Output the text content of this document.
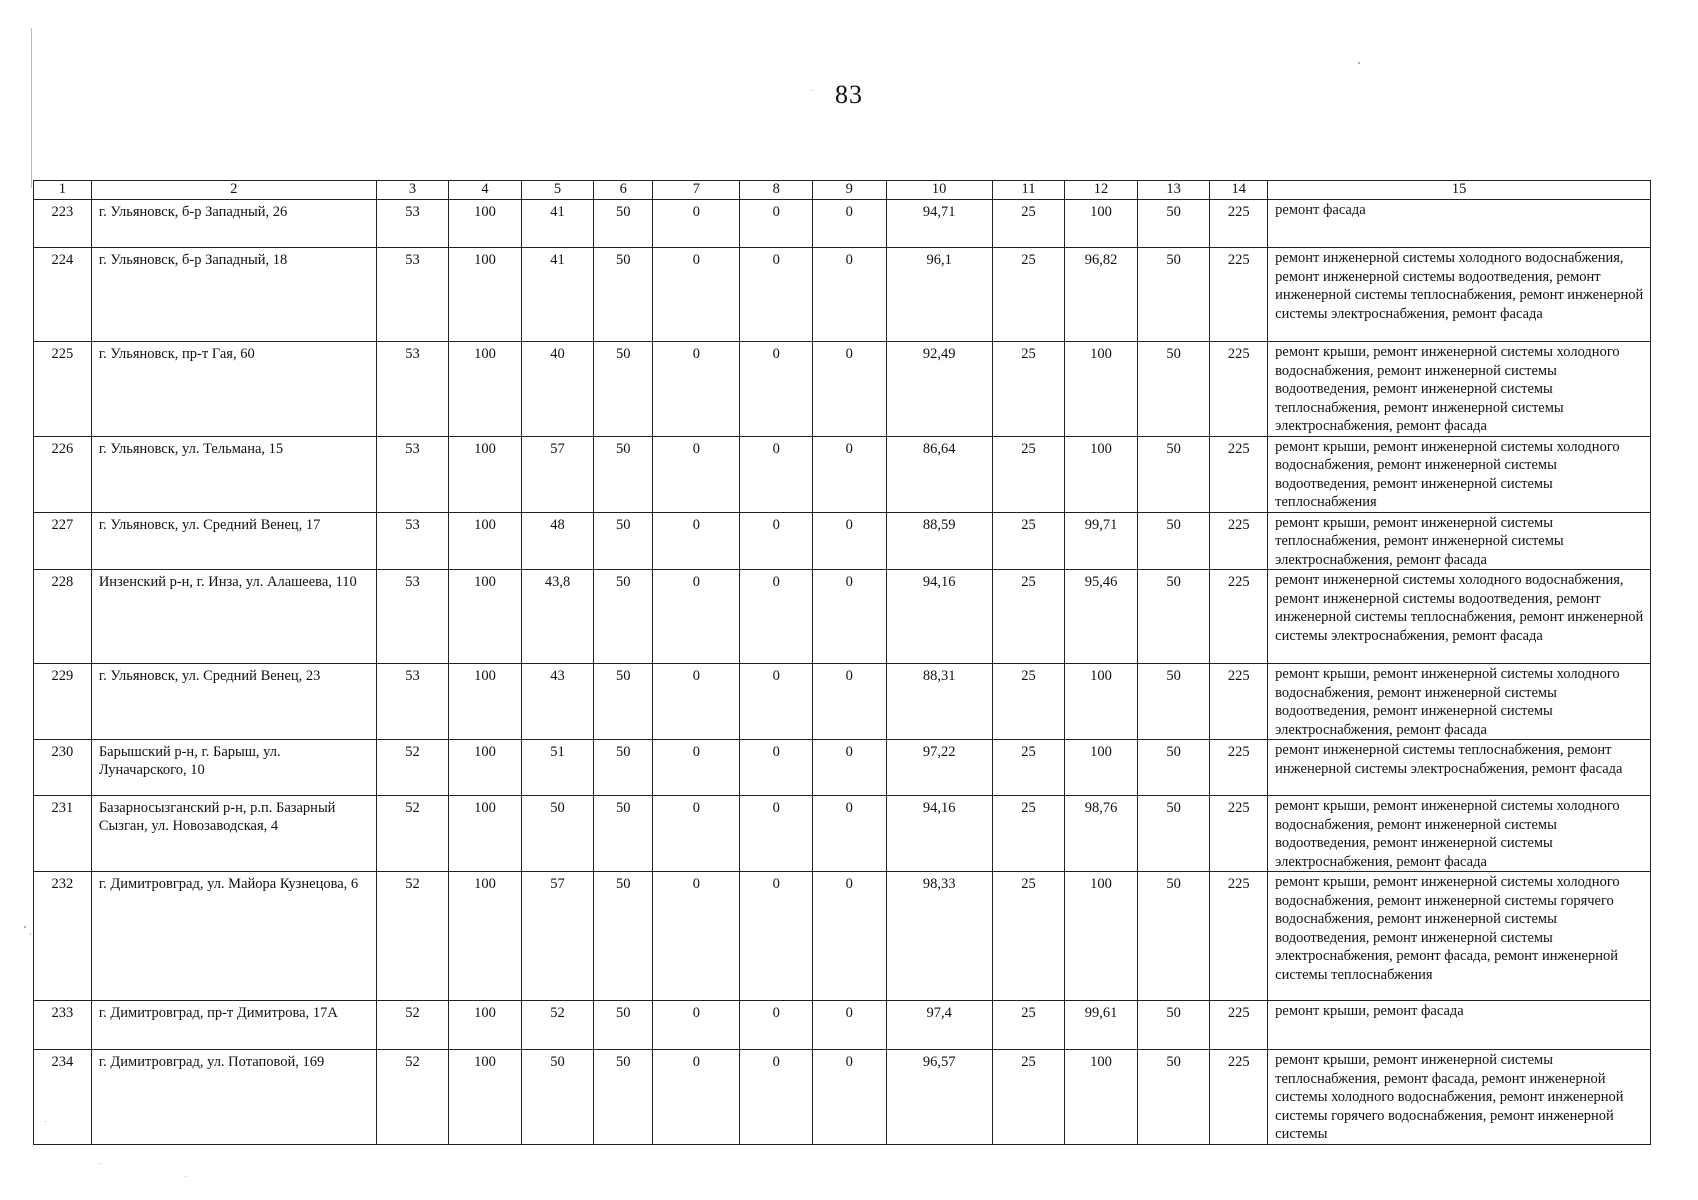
83
1	2	3	4	5	6	7	8	9	10	11	12	13	14	15
223	г. Ульяновск, б-р Западный, 26	53	100	41	50	0	0	0	94,71	25	100	50	225	ремонт фасада
224	г. Ульяновск, б-р Западный, 18	53	100	41	50	0	0	0	96,1	25	96,82	50	225	ремонт инженерной системы холодного водоснабжения, ремонт инженерной системы водоотведения, ремонт инженерной системы теплоснабжения, ремонт инженерной системы электроснабжения, ремонт фасада
225	г. Ульяновск, пр-т Гая, 60	53	100	40	50	0	0	0	92,49	25	100	50	225	ремонт крыши, ремонт инженерной системы холодного водоснабжения, ремонт инженерной системы водоотведения, ремонт инженерной системы теплоснабжения, ремонт инженерной системы электроснабжения, ремонт фасада
226	г. Ульяновск, ул. Тельмана, 15	53	100	57	50	0	0	0	86,64	25	100	50	225	ремонт крыши, ремонт инженерной системы холодного водоснабжения, ремонт инженерной системы водоотведения, ремонт инженерной системы теплоснабжения
227	г. Ульяновск, ул. Средний Венец, 17	53	100	48	50	0	0	0	88,59	25	99,71	50	225	ремонт крыши, ремонт инженерной системы теплоснабжения, ремонт инженерной системы электроснабжения, ремонт фасада
228	Инзенский р-н, г. Инза, ул. Алашеева, 110	53	100	43,8	50	0	0	0	94,16	25	95,46	50	225	ремонт инженерной системы холодного водоснабжения, ремонт инженерной системы водоотведения, ремонт инженерной системы теплоснабжения, ремонт инженерной системы электроснабжения, ремонт фасада
229	г. Ульяновск, ул. Средний Венец, 23	53	100	43	50	0	0	0	88,31	25	100	50	225	ремонт крыши, ремонт инженерной системы холодного водоснабжения, ремонт инженерной системы водоотведения, ремонт инженерной системы электроснабжения, ремонт фасада
230	Барышский р-н, г. Барыш, ул. Луначарского, 10	52	100	51	50	0	0	0	97,22	25	100	50	225	ремонт инженерной системы теплоснабжения, ремонт инженерной системы электроснабжения, ремонт фасада
231	Базарносызганский р-н, р.п. Базарный Сызган, ул. Новозаводская, 4	52	100	50	50	0	0	0	94,16	25	98,76	50	225	ремонт крыши, ремонт инженерной системы холодного водоснабжения, ремонт инженерной системы водоотведения, ремонт инженерной системы электроснабжения, ремонт фасада
232	г. Димитровград, ул. Майора Кузнецова, 6	52	100	57	50	0	0	0	98,33	25	100	50	225	ремонт крыши, ремонт инженерной системы холодного водоснабжения, ремонт инженерной системы горячего водоснабжения, ремонт инженерной системы водоотведения, ремонт инженерной системы электроснабжения, ремонт фасада, ремонт инженерной системы теплоснабжения
233	г. Димитровград, пр-т Димитрова, 17А	52	100	52	50	0	0	0	97,4	25	99,61	50	225	ремонт крыши, ремонт фасада
234	г. Димитровград, ул. Потаповой, 169	52	100	50	50	0	0	0	96,57	25	100	50	225	ремонт крыши, ремонт инженерной системы теплоснабжения, ремонт фасада, ремонт инженерной системы холодного водоснабжения, ремонт инженерной системы горячего водоснабжения, ремонт инженерной системы
